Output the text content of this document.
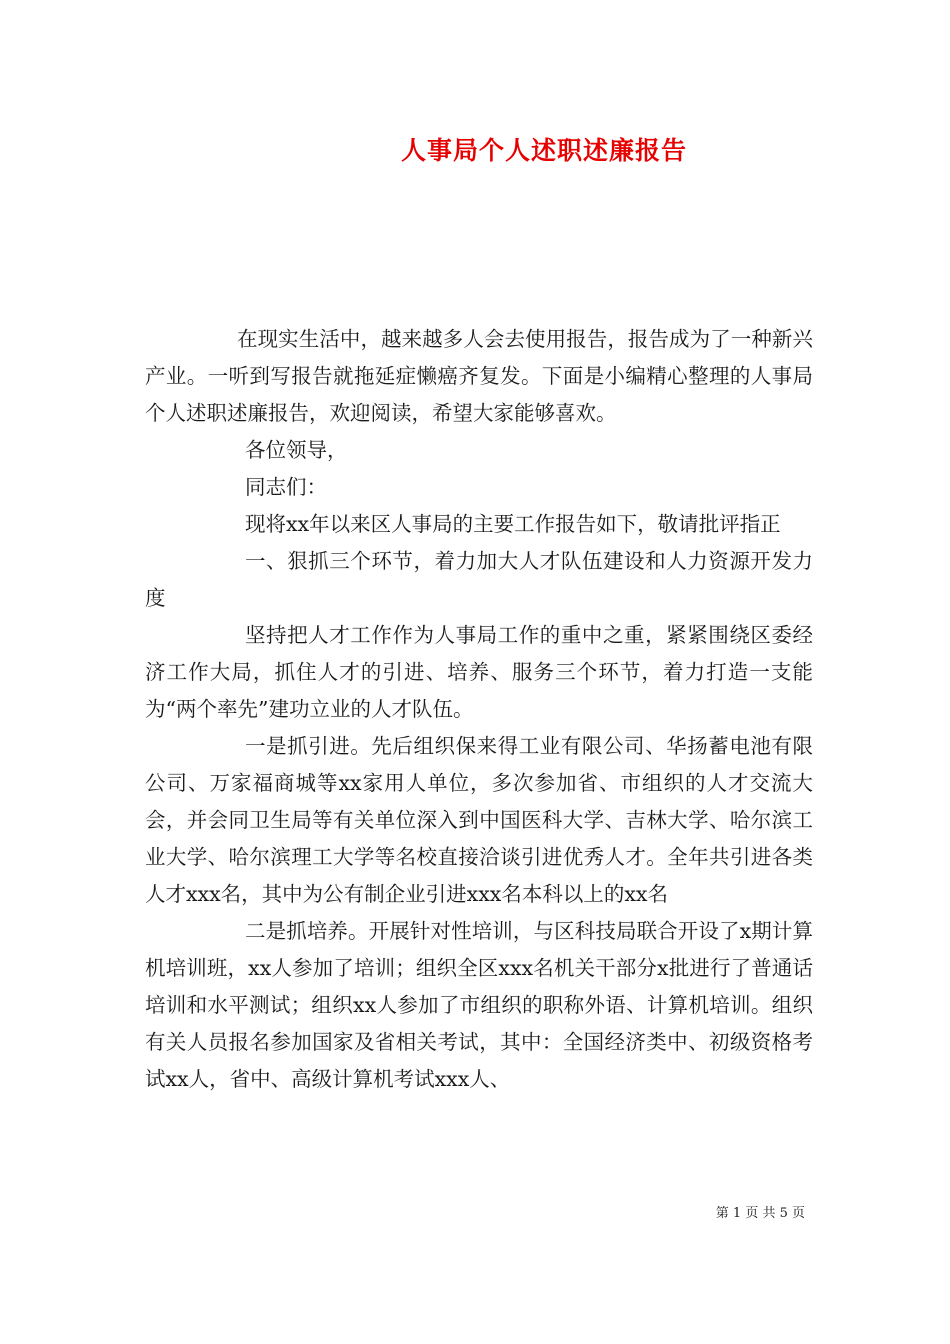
人事局个人述职述廉报告

在现实生活中，越来越多人会去使用报告，报告成为了一种新兴产业。一听到写报告就拖延症懒癌齐复发。下面是小编精心整理的人事局个人述职述廉报告，欢迎阅读，希望大家能够喜欢。

各位领导，

同志们：

现将xx年以来区人事局的主要工作报告如下，敬请批评指正

一、狠抓三个环节，着力加大人才队伍建设和人力资源开发力度

坚持把人才工作作为人事局工作的重中之重，紧紧围绕区委经济工作大局，抓住人才的引进、培养、服务三个环节，着力打造一支能为“两个率先”建功立业的人才队伍。

一是抓引进。先后组织保来得工业有限公司、华扬蓄电池有限公司、万家福商城等xx家用人单位，多次参加省、市组织的人才交流大会，并会同卫生局等有关单位深入到中国医科大学、吉林大学、哈尔滨工业大学、哈尔滨理工大学等名校直接洽谈引进优秀人才。全年共引进各类人才xxx名，其中为公有制企业引进xxx名本科以上的xx名

二是抓培养。开展针对性培训，与区科技局联合开设了x期计算机培训班，xx人参加了培训；组织全区xxx名机关干部分x批进行了普通话培训和水平测试；组织xx人参加了市组织的职称外语、计算机培训。组织有关人员报名参加国家及省相关考试，其中：全国经济类中、初级资格考试xx人，省中、高级计算机考试xxx人、

第 1 页 共 5 页
